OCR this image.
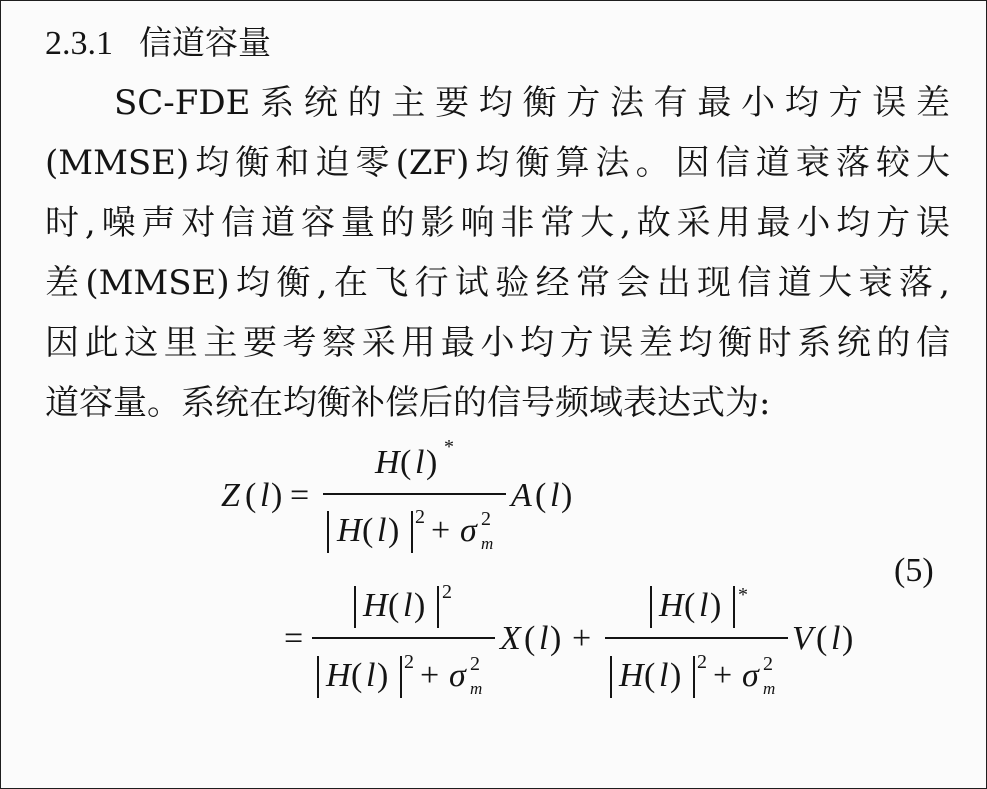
2.3.1 信道容量
SC-FDE系统的主要均衡方法有最小均方误差
(MMSE)均衡和迫零(ZF)均衡算法。因信道衰落较大
时,噪声对信道容量的影响非常大,故采用最小均方误
差(MMSE)均衡,在飞行试验经常会出现信道大衰落,
因此这里主要考察采用最小均方误差均衡时系统的信
道容量。系统在均衡补偿后的信号频域表达式为:
Z ( l) =
H( l) *
H( l) 2 + σ 2
m
A( l)
(5)
=
H( l) 2
H( l) 2 + σ 2
m
X( l) +
H( l) *
H( l) 2 + σ 2
m
V( l)
